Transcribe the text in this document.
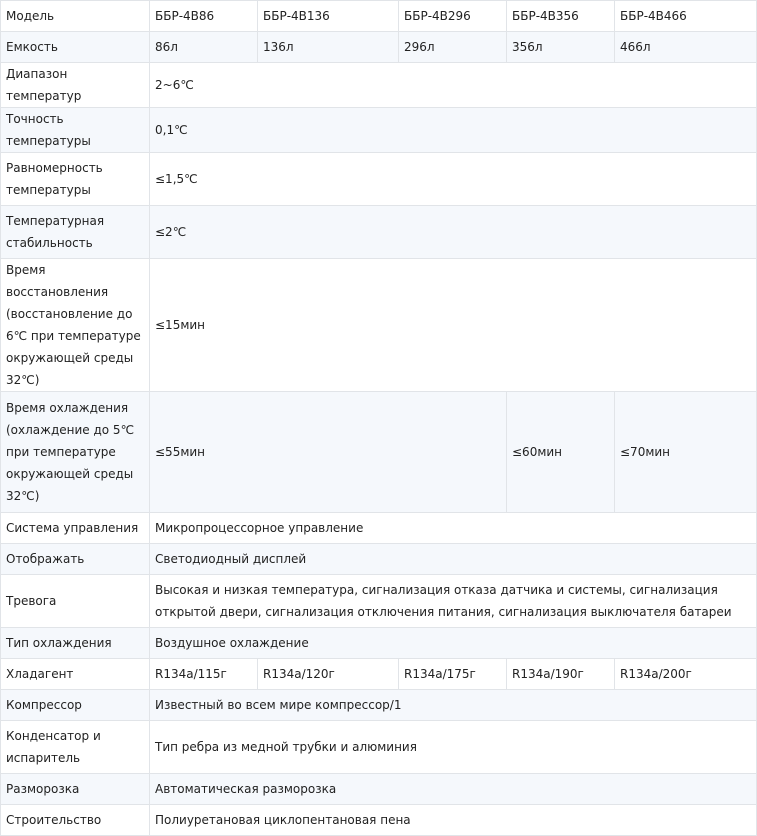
Модель	ББР-4В86	ББР-4В136	ББР-4В296	ББР-4В356	ББР-4В466
Емкость	86л	136л	296л	356л	466л
Диапазон температур	2~6℃				
Точность температуры	0,1℃				
Равномерность температуры	≤1,5℃				
Температурная стабильность	≤2℃				
Время восстановления (восстановление до 6℃ при температуре окружающей среды 32℃)	≤15мин				
Время охлаждения (охлаждение до 5℃ при температуре окружающей среды 32℃)	≤55мин			≤60мин	≤70мин
Система управления	Микропроцессорное управление				
Отображать	Светодиодный дисплей				
Тревога	Высокая и низкая температура, сигнализация отказа датчика и системы, сигнализация открытой двери, сигнализация отключения питания, сигнализация выключателя батареи				
Тип охлаждения	Воздушное охлаждение				
Хладагент	R134a/115г	R134a/120г	R134a/175г	R134a/190г	R134a/200г
Компрессор	Известный во всем мире компрессор/1				
Конденсатор и испаритель	Тип ребра из медной трубки и алюминия				
Разморозка	Автоматическая разморозка				
Строительство	Полиуретановая циклопентановая пена				
